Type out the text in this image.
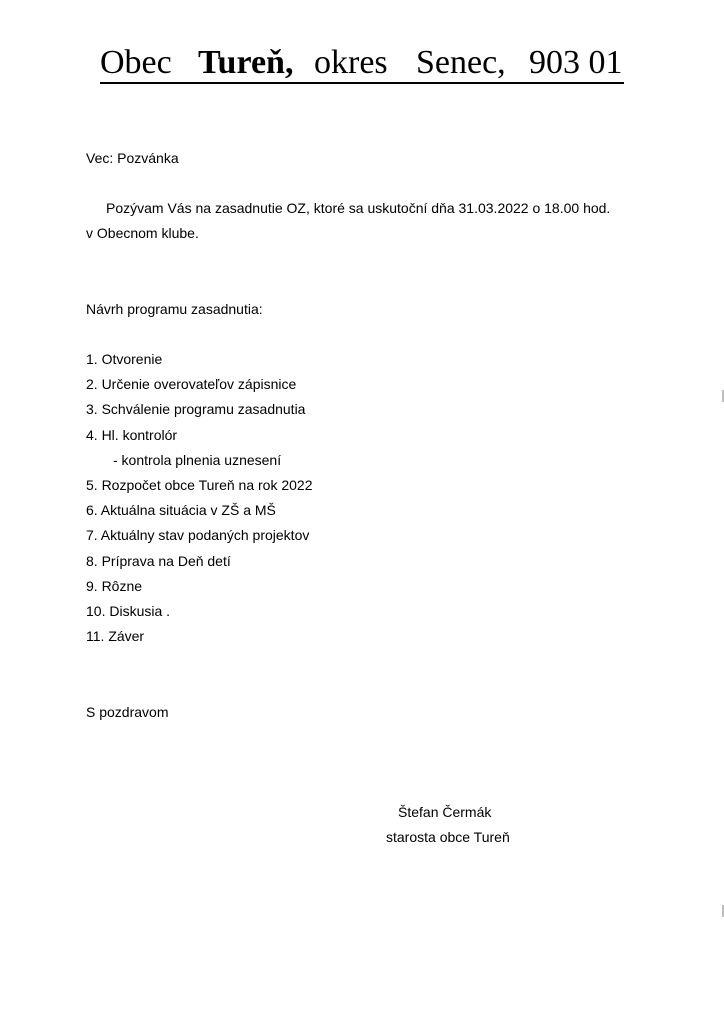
Obec Tureň, okres Senec, 903 01
Vec: Pozvánka
Pozývam Vás na zasadnutie OZ, ktoré sa uskutoční dňa 31.03.2022 o 18.00 hod.
v Obecnom klube.
Návrh programu zasadnutia:
1. Otvorenie
2. Určenie overovateľov zápisnice
3. Schválenie programu zasadnutia
4. Hl. kontrolór
- kontrola plnenia uznesení
5. Rozpočet obce Tureň na rok 2022
6. Aktuálna situácia v ZŠ a MŠ
7. Aktuálny stav podaných projektov
8. Príprava na Deň detí
9. Rôzne
10. Diskusia .
11. Záver
S pozdravom
Štefan Čermák
starosta obce Tureň
